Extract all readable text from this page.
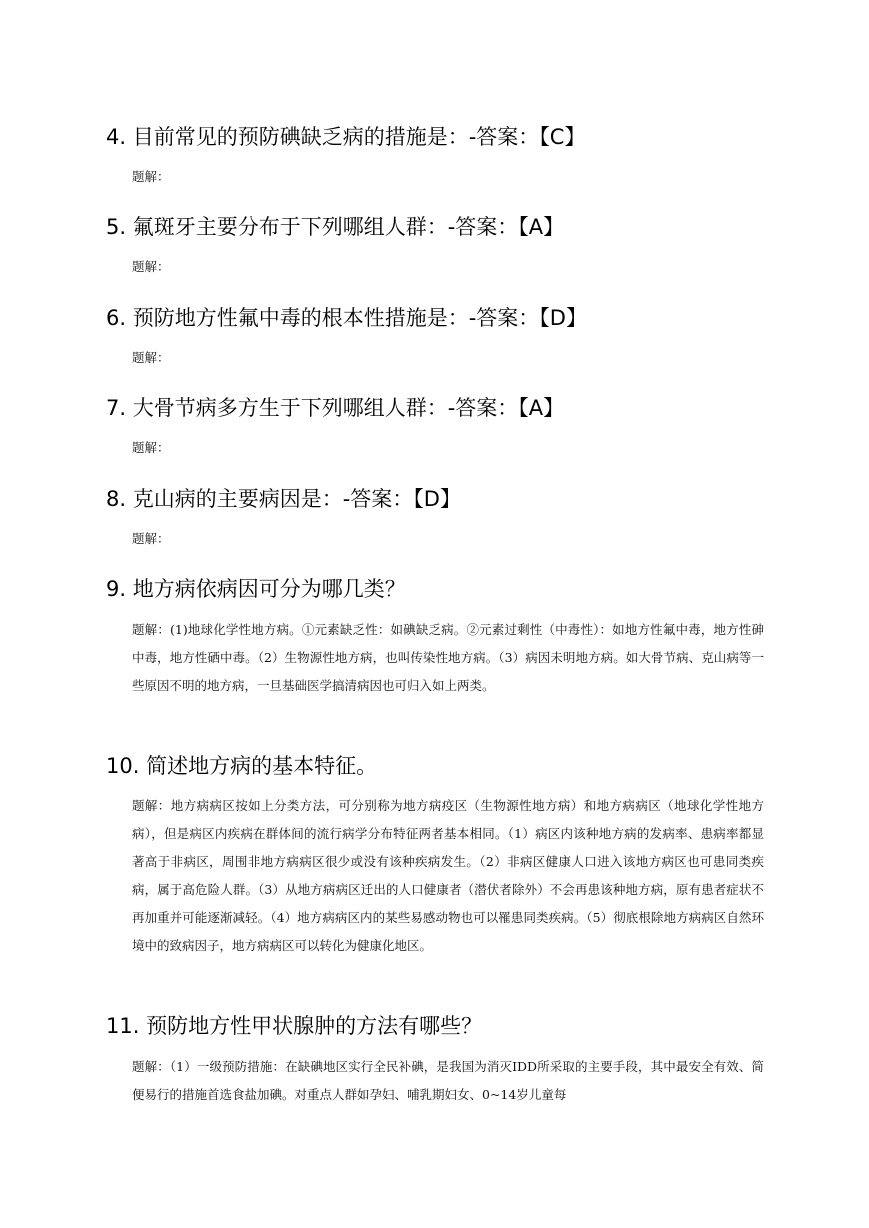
4. 目前常见的预防碘缺乏病的措施是：-答案：【C】
题解：
5. 氟斑牙主要分布于下列哪组人群：-答案：【A】
题解：
6. 预防地方性氟中毒的根本性措施是：-答案：【D】
题解：
7. 大骨节病多方生于下列哪组人群：-答案：【A】
题解：
8. 克山病的主要病因是：-答案：【D】
题解：
9. 地方病依病因可分为哪几类？
题解：(1)地球化学性地方病。①元素缺乏性：如碘缺乏病。②元素过剩性（中毒性）：如地方性氟中毒，地方性砷中毒，地方性硒中毒。（2）生物源性地方病，也叫传染性地方病。（3）病因未明地方病。如大骨节病、克山病等一些原因不明的地方病，一旦基础医学搞清病因也可归入如上两类。
10. 简述地方病的基本特征。
题解：地方病病区按如上分类方法，可分别称为地方病疫区（生物源性地方病）和地方病病区（地球化学性地方病），但是病区内疾病在群体间的流行病学分布特征两者基本相同。（1）病区内该种地方病的发病率、患病率都显著高于非病区，周围非地方病病区很少或没有该种疾病发生。（2）非病区健康人口进入该地方病区也可患同类疾病，属于高危险人群。（3）从地方病病区迁出的人口健康者（潜伏者除外）不会再患该种地方病，原有患者症状不再加重并可能逐渐减轻。（4）地方病病区内的某些易感动物也可以罹患同类疾病。（5）彻底根除地方病病区自然环境中的致病因子，地方病病区可以转化为健康化地区。
11. 预防地方性甲状腺肿的方法有哪些？
题解：（1）一级预防措施：在缺碘地区实行全民补碘，是我国为消灭IDD所采取的主要手段，其中最安全有效、简便易行的措施首选食盐加碘。对重点人群如孕妇、哺乳期妇女、0~14岁儿童每
